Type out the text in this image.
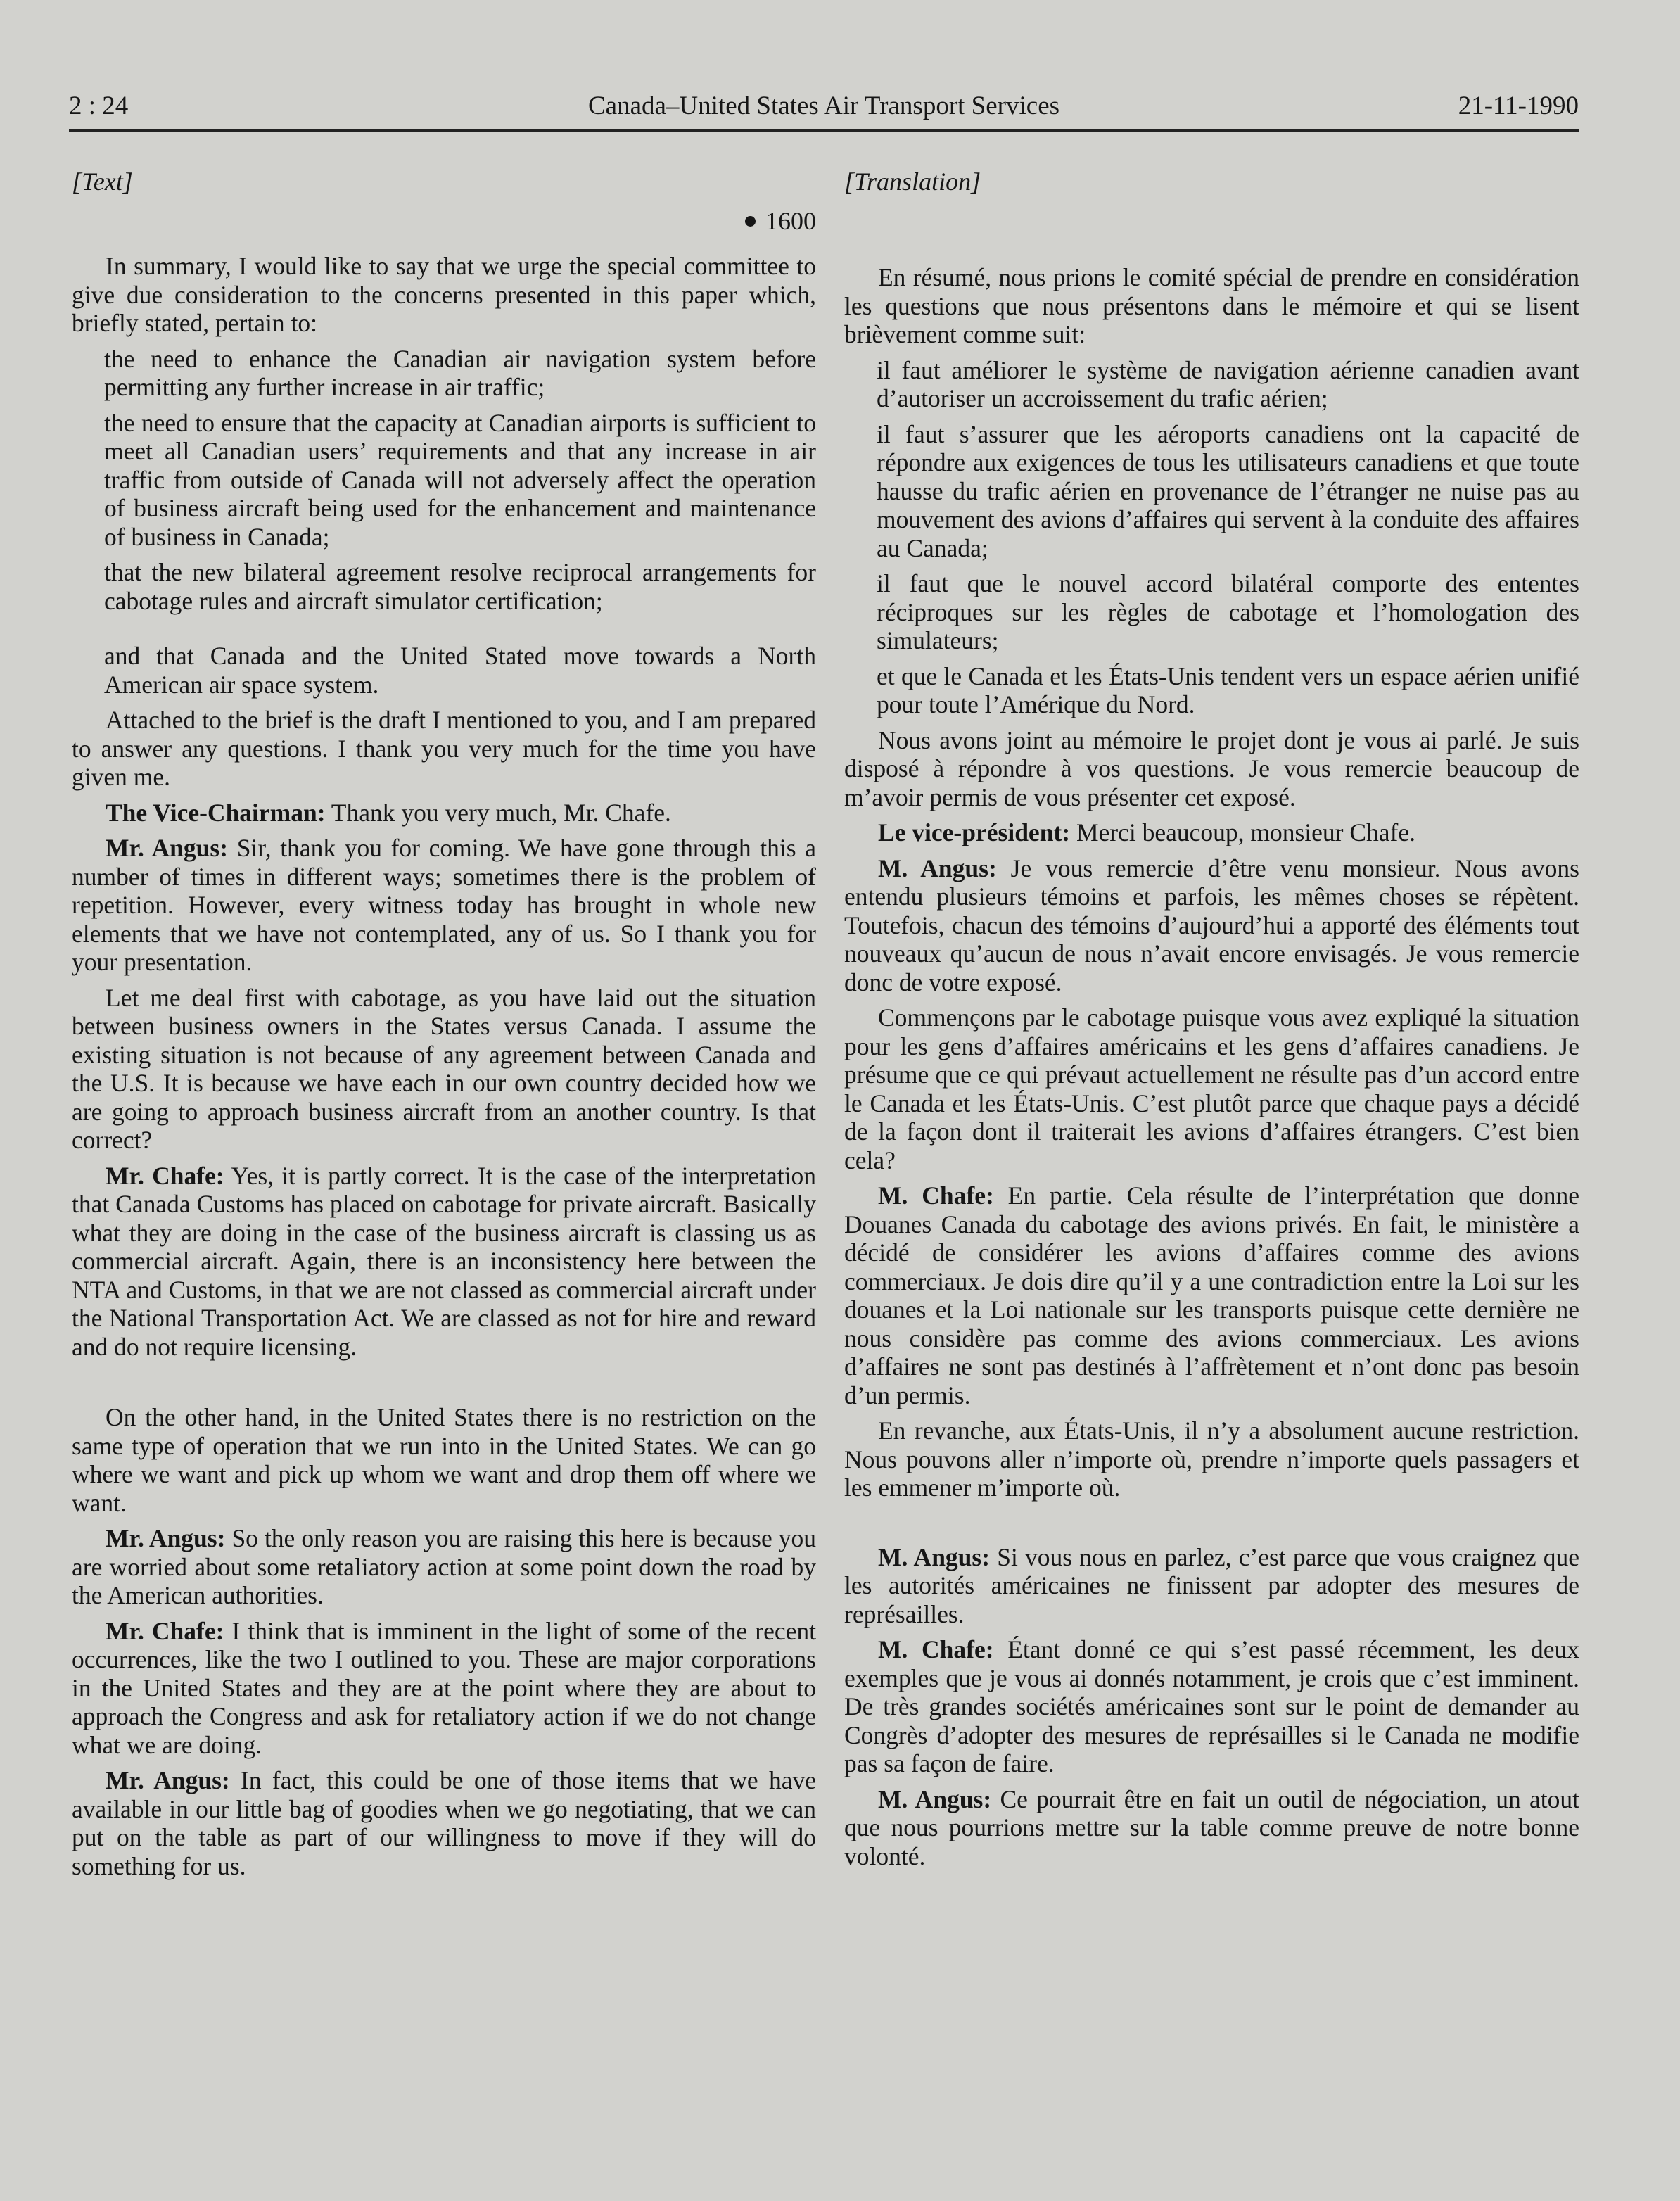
2 : 24	Canada–United States Air Transport Services	21-11-1990
[Text]
1600

In summary, I would like to say that we urge the special committee to give due consideration to the concerns presented in this paper which, briefly stated, pertain to:

the need to enhance the Canadian air navigation system before permitting any further increase in air traffic;

the need to ensure that the capacity at Canadian airports is sufficient to meet all Canadian users’ requirements and that any increase in air traffic from outside of Canada will not adversely affect the operation of business aircraft being used for the enhancement and maintenance of business in Canada;

that the new bilateral agreement resolve reciprocal arrangements for cabotage rules and aircraft simulator certification;

and that Canada and the United Stated move towards a North American air space system.

Attached to the brief is the draft I mentioned to you, and I am prepared to answer any questions. I thank you very much for the time you have given me.

The Vice-Chairman: Thank you very much, Mr. Chafe.

Mr. Angus: Sir, thank you for coming. We have gone through this a number of times in different ways; sometimes there is the problem of repetition. However, every witness today has brought in whole new elements that we have not contemplated, any of us. So I thank you for your presentation.

Let me deal first with cabotage, as you have laid out the situation between business owners in the States versus Canada. I assume the existing situation is not because of any agreement between Canada and the U.S. It is because we have each in our own country decided how we are going to approach business aircraft from an another country. Is that correct?

Mr. Chafe: Yes, it is partly correct. It is the case of the interpretation that Canada Customs has placed on cabotage for private aircraft. Basically what they are doing in the case of the business aircraft is classing us as commercial aircraft. Again, there is an inconsistency here between the NTA and Customs, in that we are not classed as commercial aircraft under the National Transportation Act. We are classed as not for hire and reward and do not require licensing.

On the other hand, in the United States there is no restriction on the same type of operation that we run into in the United States. We can go where we want and pick up whom we want and drop them off where we want.

Mr. Angus: So the only reason you are raising this here is because you are worried about some retaliatory action at some point down the road by the American authorities.

Mr. Chafe: I think that is imminent in the light of some of the recent occurrences, like the two I outlined to you. These are major corporations in the United States and they are at the point where they are about to approach the Congress and ask for retaliatory action if we do not change what we are doing.

Mr. Angus: In fact, this could be one of those items that we have available in our little bag of goodies when we go negotiating, that we can put on the table as part of our willingness to move if they will do something for us.

[Translation]

En résumé, nous prions le comité spécial de prendre en considération les questions que nous présentons dans le mémoire et qui se lisent brièvement comme suit:

il faut améliorer le système de navigation aérienne canadien avant d’autoriser un accroissement du trafic aérien;

il faut s’assurer que les aéroports canadiens ont la capacité de répondre aux exigences de tous les utilisateurs canadiens et que toute hausse du trafic aérien en provenance de l’étranger ne nuise pas au mouvement des avions d’affaires qui servent à la conduite des affaires au Canada;

il faut que le nouvel accord bilatéral comporte des ententes réciproques sur les règles de cabotage et l’homologation des simulateurs;

et que le Canada et les États-Unis tendent vers un espace aérien unifié pour toute l’Amérique du Nord.

Nous avons joint au mémoire le projet dont je vous ai parlé. Je suis disposé à répondre à vos questions. Je vous remercie beaucoup de m’avoir permis de vous présenter cet exposé.

Le vice-président: Merci beaucoup, monsieur Chafe.

M. Angus: Je vous remercie d’être venu monsieur. Nous avons entendu plusieurs témoins et parfois, les mêmes choses se répètent. Toutefois, chacun des témoins d’aujourd’hui a apporté des éléments tout nouveaux qu’aucun de nous n’avait encore envisagés. Je vous remercie donc de votre exposé.

Commençons par le cabotage puisque vous avez expliqué la situation pour les gens d’affaires américains et les gens d’affaires canadiens. Je présume que ce qui prévaut actuellement ne résulte pas d’un accord entre le Canada et les États-Unis. C’est plutôt parce que chaque pays a décidé de la façon dont il traiterait les avions d’affaires étrangers. C’est bien cela?

M. Chafe: En partie. Cela résulte de l’interprétation que donne Douanes Canada du cabotage des avions privés. En fait, le ministère a décidé de considérer les avions d’affaires comme des avions commerciaux. Je dois dire qu’il y a une contradiction entre la Loi sur les douanes et la Loi nationale sur les transports puisque cette dernière ne nous considère pas comme des avions commerciaux. Les avions d’affaires ne sont pas destinés à l’affrètement et n’ont donc pas besoin d’un permis.

En revanche, aux États-Unis, il n’y a absolument aucune restriction. Nous pouvons aller n’importe où, prendre n’importe quels passagers et les emmener m’importe où.

M. Angus: Si vous nous en parlez, c’est parce que vous craignez que les autorités américaines ne finissent par adopter des mesures de représailles.

M. Chafe: Étant donné ce qui s’est passé récemment, les deux exemples que je vous ai donnés notamment, je crois que c’est imminent. De très grandes sociétés américaines sont sur le point de demander au Congrès d’adopter des mesures de représailles si le Canada ne modifie pas sa façon de faire.

M. Angus: Ce pourrait être en fait un outil de négociation, un atout que nous pourrions mettre sur la table comme preuve de notre bonne volonté.
